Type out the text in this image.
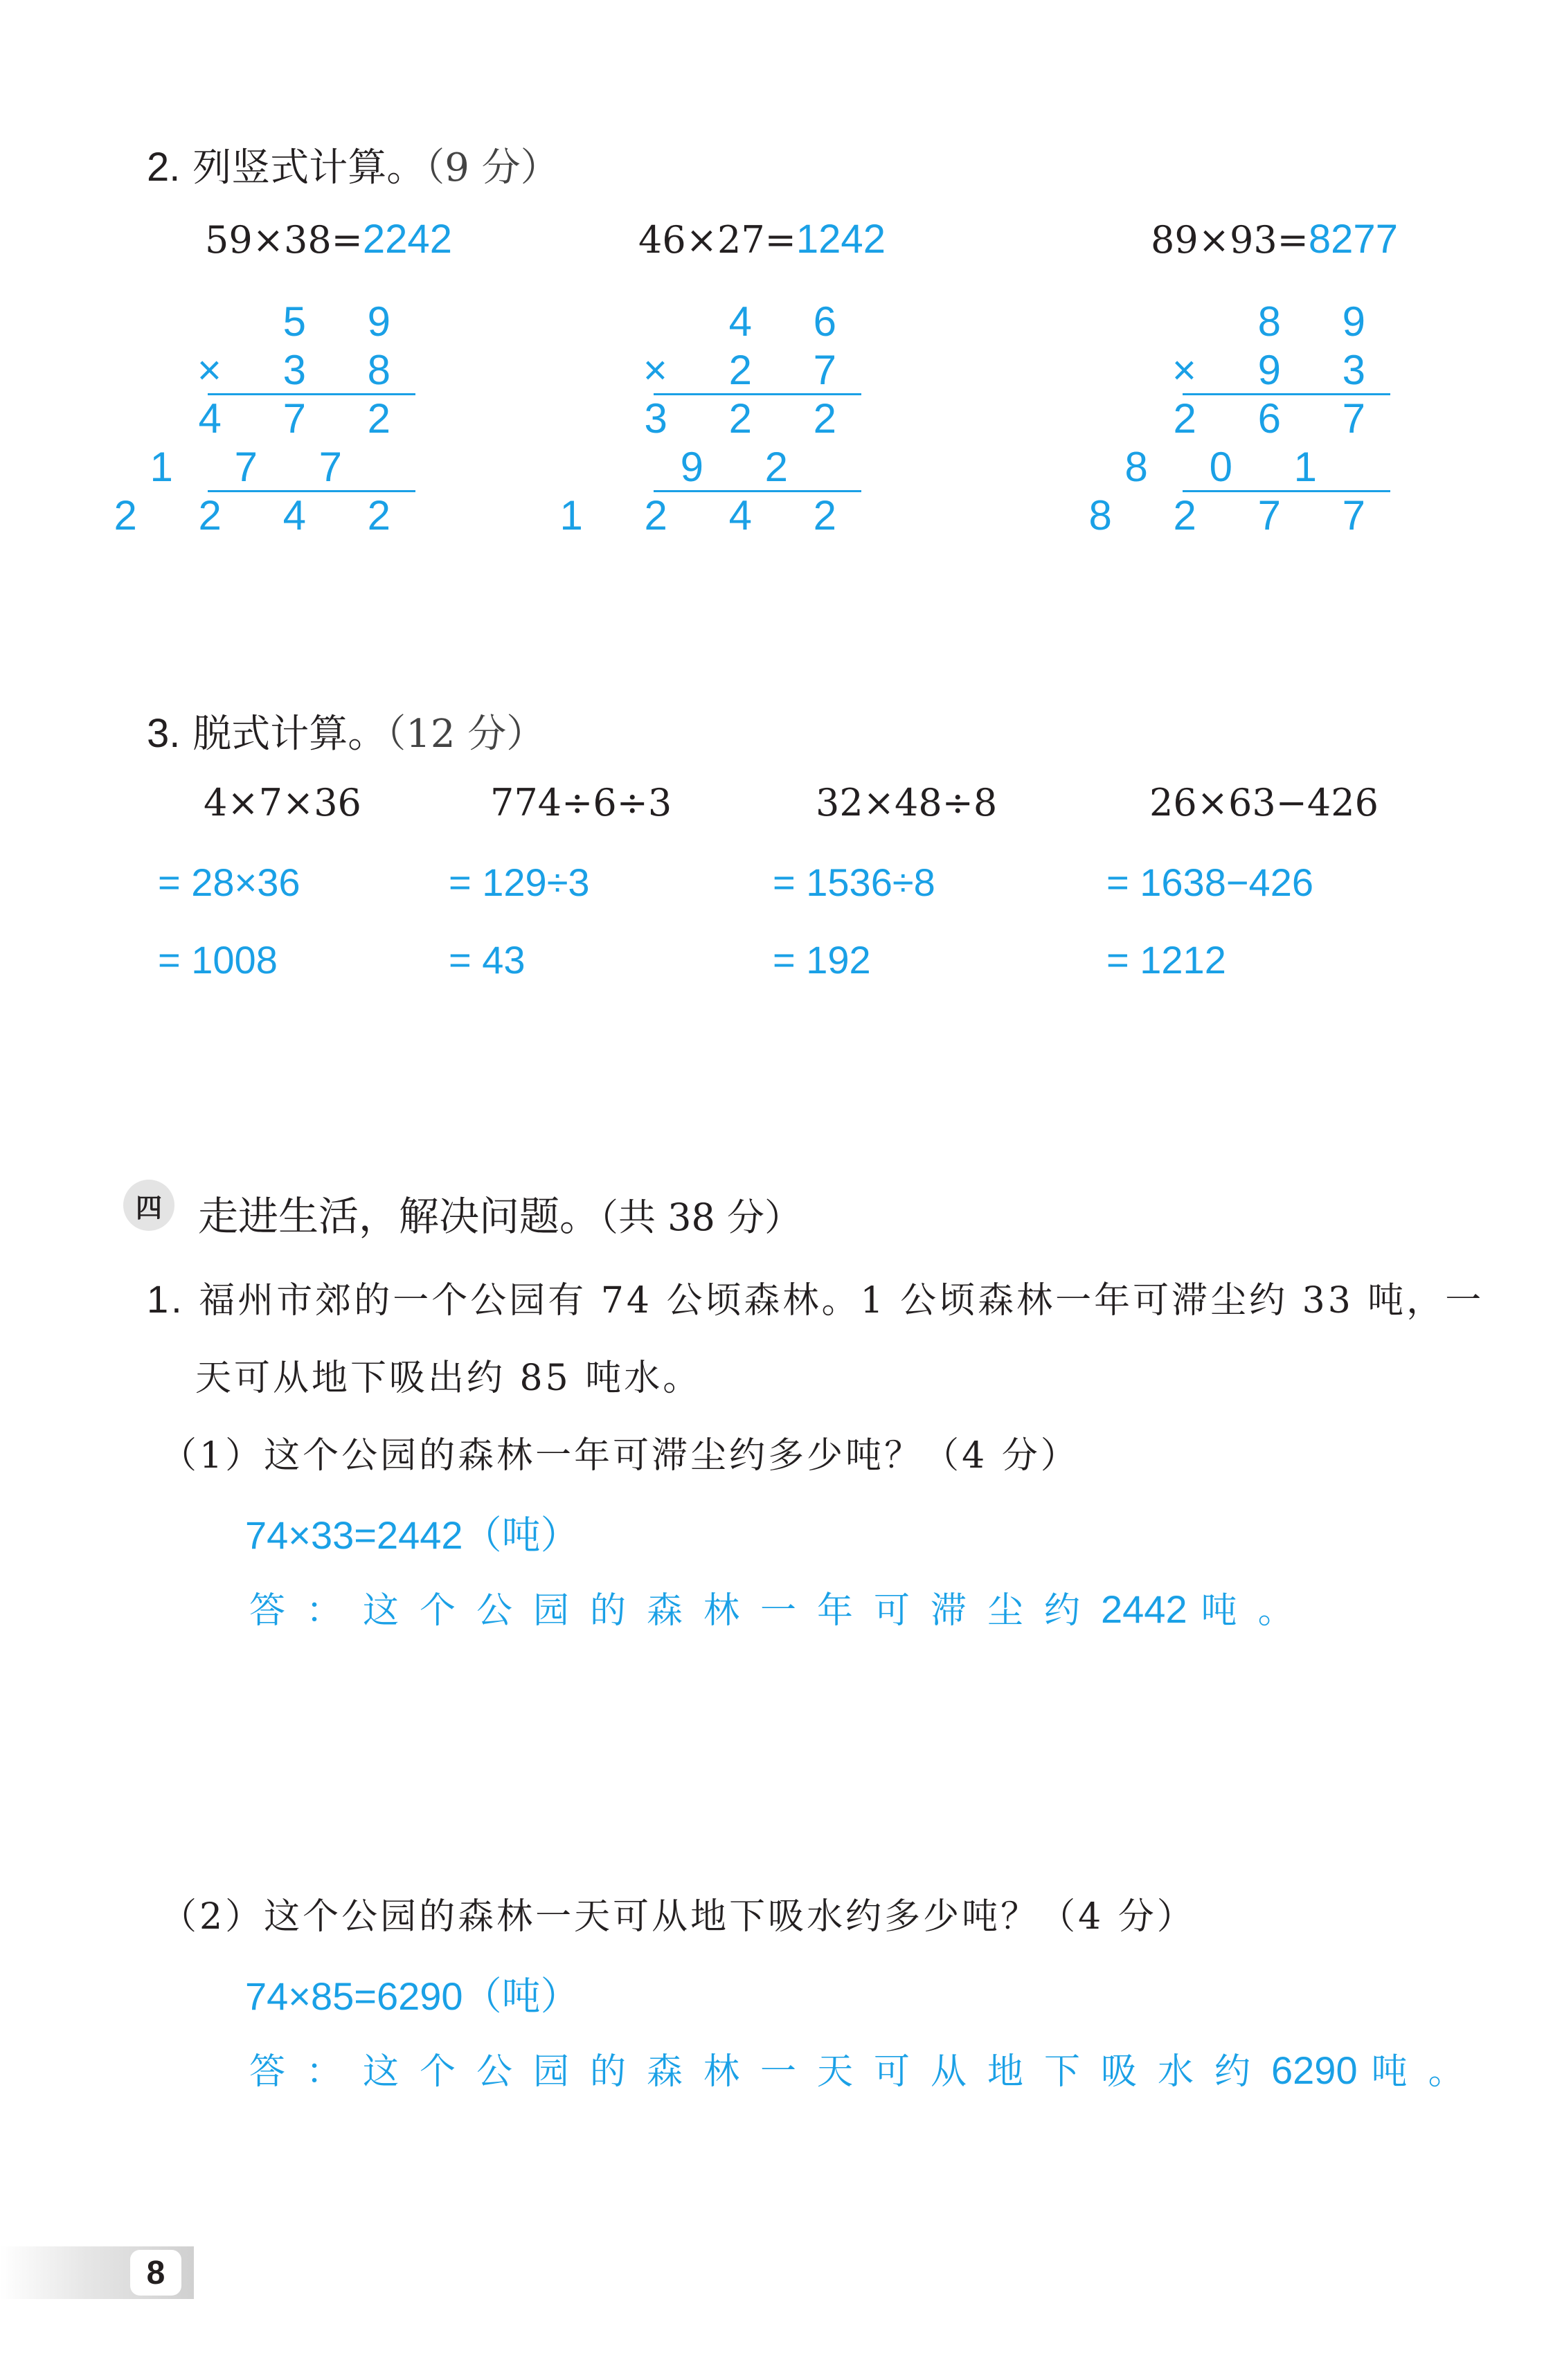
2. 列竖式计算。（9 分）
59×38=2242	46×27=1242	89×93=8277
5 9
× 3 8
4 7 2
1 7 7
2 2 4 2
4 6
× 2 7
3 2 2
9 2
1 2 4 2
8 9
× 9 3
2 6 7
8 0 1
8 2 7 7
3. 脱式计算。（12 分）
4×7×36	774÷6÷3	32×48÷8	26×63−426
= 28×36	= 129÷3	= 1536÷8	= 1638−426
= 1008	= 43	= 192	= 1212
四 走进生活，解决问题。（共 38 分）
1. 福州市郊的一个公园有 74 公顷森林。1 公顷森林一年可滞尘约 33 吨，一
天可从地下吸出约 85 吨水。
（1）这个公园的森林一年可滞尘约多少吨？（4 分）
74×33=2442（吨）
答：这个公园的森林一年可滞尘约2442 吨。
（2）这个公园的森林一天可从地下吸水约多少吨？（4 分）
74×85=6290（吨）
答：这个公园的森林一天可从地下吸水约6290 吨。
8
